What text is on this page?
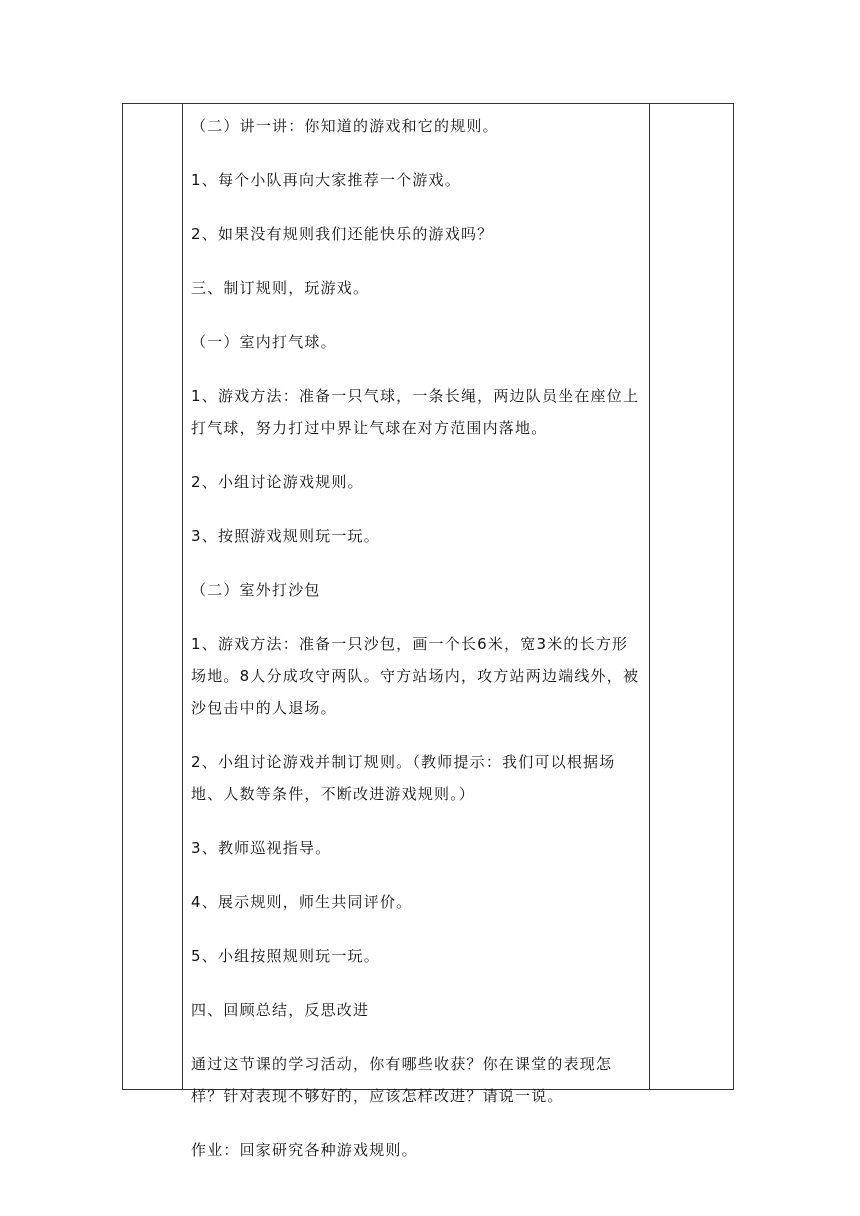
（二）讲一讲：你知道的游戏和它的规则。

1、每个小队再向大家推荐一个游戏。

2、如果没有规则我们还能快乐的游戏吗？

三、制订规则，玩游戏。

（一）室内打气球。

1、游戏方法：准备一只气球，一条长绳，两边队员坐在座位上打气球，努力打过中界让气球在对方范围内落地。

2、小组讨论游戏规则。

3、按照游戏规则玩一玩。

（二）室外打沙包

1、游戏方法：准备一只沙包，画一个长6米，宽3米的长方形场地。8人分成攻守两队。守方站场内，攻方站两边端线外，被沙包击中的人退场。

2、小组讨论游戏并制订规则。（教师提示：我们可以根据场地、人数等条件，不断改进游戏规则。）

3、教师巡视指导。

4、展示规则，师生共同评价。

5、小组按照规则玩一玩。

四、回顾总结，反思改进

通过这节课的学习活动，你有哪些收获？你在课堂的表现怎样？针对表现不够好的，应该怎样改进？请说一说。

作业：回家研究各种游戏规则。
